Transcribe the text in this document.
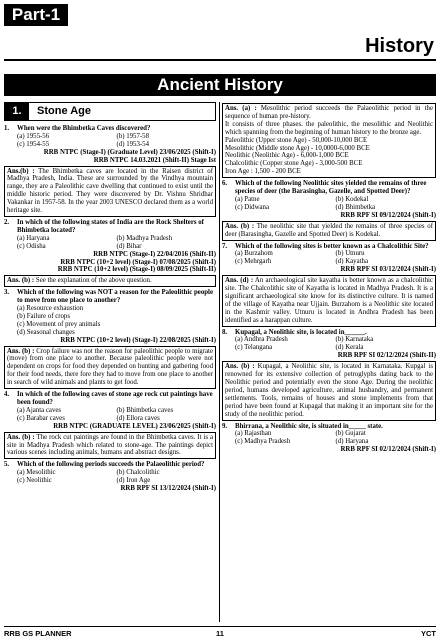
Part-1
History
Ancient History
1.	Stone Age
1.	When were the Bhimbetka Caves discovered?
(a) 1955-56	(b) 1957-58
(c) 1954-55	(d) 1953-54
RRB NTPC (Stage-I) (Graduate Level) 23/06/2025 (Shift-I)
RRB NTPC 14.03.2021 (Shift-II) Stage Ist
Ans.(b) : The Bhimbetka caves are located in the Raisen district of Madhya Pradesh, India. These are surrounded by the Vindhya mountain range, they are a Paleolithic cave dwelling that continued to exist until the middle historic period. They were discovered by Dr. Vishnu Shridhar Vakankar in 1957-58. In the year 2003 UNESCO declared them as a world heritage site.
2.	In which of the following states of India are the Rock Shelters of Bhimbetka located?
(a) Haryana	(b) Madhya Pradesh
(c) Odisha	(d) Bihar
RRB NTPC (Stage-I) 22/04/2016 (Shift-II)
RRB NTPC (10+2 level) (Stage-I) 07/08/2025 (Shift-I)
RRB NTPC (10+2 level) (Stage-I) 08/09/2025 (Shift-II)
Ans. (b) : See the explanation of the above question.
3.	Which of the following was NOT a reason for the Paleolithic people to move from one place to another?
(a) Resource exhaustion
(b) Failure of crops
(c) Movement of prey animals
(d) Seasonal changes
RRB NTPC (10+2 level) (Stage-I) 22/08/2025 (Shift-I)
Ans. (b) : Crop failure was not the reason for paleolithic people to migrate (move) from one place to another. Because paleolithic people were not dependent on crops for food they depended on hunting and gathering food for their food needs, there fore they had to move from one place to another in search of wild animals and plants to get food.
4.	In which of the following caves of stone age rock cut paintings have been found?
(a) Ajanta caves	(b) Bhimbetka caves
(c) Barabar caves	(d) Ellora caves
RRB NTPC (GRADUATE LEVEL) 23/06/2025 (Shift-I)
Ans. (b) : The rock cut paintings are found in the Bhimbetka caves. It is a site in Madhya Pradesh which related to stone-age. The paintings depict various scenes including animals, humans and abstract designs.
5.	Which of the following periods succeeds the Palaeolithic period?
(a) Mesolithic	(b) Chalcolithic
(c) Neolithic	(d) Iron Age
RRB RPF SI 13/12/2024 (Shift-I)

Ans. (a) : Mesolithic period succeeds the Palaeolithic period in the sequence of human pre-history.

It consists of three phases. the paleolithic, the mesolithic and Neolithic which spanning from the beginning of human history to the bronze age.

Paleolithic (Upper stone Age) - 50,000-10,000 BCE

Mesolithic (Middle stone Age) - 10,0000-6,000 BCE

Neolithic (Neolithic Age) - 6,000-1,000 BCE

Chalcolithic (Copper stone Age) - 3,000-500 BCE

Iron Age : 1,500 - 200 BCE

6.	Which of the following Neolithic sites yielded the remains of three species of deer (the Barasingha, Gazelle, and Spotted Deer)?
(a) Patne	(b) Kodekal
(c) Didwana	(d) Bhimbetka
RRB RPF SI 09/12/2024 (Shift-I)
Ans. (b) : The neolithic site that yielded the remains of three species of deer (Barasingha, Gazelle and Spotted Deer) is Kodekal.
7.	Which of the following sites is better known as a Chalcolithic Site?
(a) Burzahom	(b) Utnuru
(c) Mehrgarh	(d) Kayatha
RRB RPF SI 03/12/2024 (Shift-I)
Ans. (d) : An archaeological site kayatha is better known as a chalcolithic site. The Chalcolithic site of Kayatha is located in Madhya Pradesh. It is a significant archaeological site know for its distinctive culture. It is named of the village of Kayatha near Ujjain. Burzahom is a Neolithic site located in the Kashmir valley. Utnuru is located in Andhra Pradesh has been identified as a harappan culture.
8.	Kupagal, a Neolithic site, is located in______.
(a) Andhra Pradesh	(b) Karnataka
(c) Telangana	(d) Kerala
RRB RPF SI 02/12/2024 (Shift-II)
Ans. (b) : Kupagal, a Neolithic site, is located in Karnataka. Kupgal is renowned for its extensive collection of petroglyphs dating back to the Neolithic period and potentially even the stone Age. During the neolithic period, humans developed agriculture, animal husbandry, and permanent settlements. Tools, remains of houses and stone implements from that period have been found at Kupagal that making it an important site for the study of the neolithic period.
9.	Bhirrana, a Neolithic site, is situated in_____ state.
(a) Rajasthan	(b) Gujarat
(c) Madhya Pradesh	(d) Haryana
RRB RPF SI 02/12/2024 (Shift-I)
RRB GS PLANNER	11	YCT
